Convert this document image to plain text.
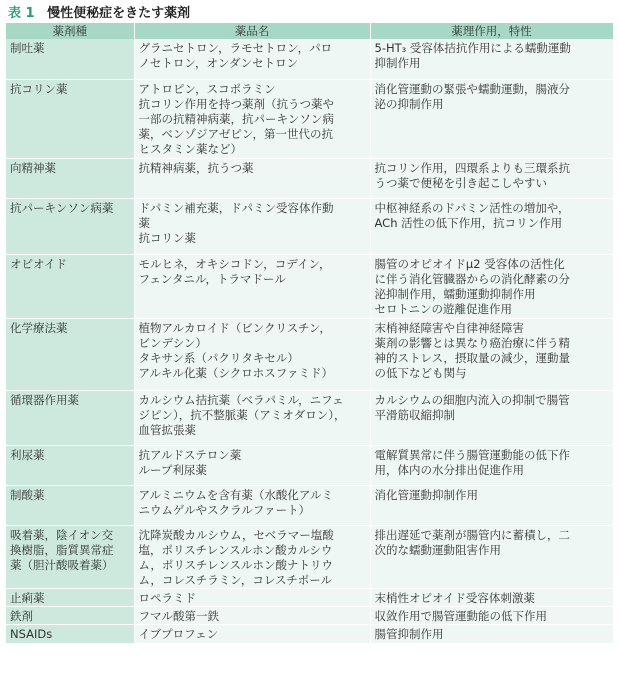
表 1 慢性便秘症をきたす薬剤
薬剤種	薬品名	薬理作用，特性

制吐薬	グラニセトロン，ラモセトロン，パロ
ノセトロン，オンダンセトロン	5-HT₃ 受容体拮抗作用による蠕動運動
抑制作用

抗コリン薬	アトロピン，スコポラミン
抗コリン作用を持つ薬剤（抗うつ薬や
一部の抗精神病薬，抗パーキンソン病
薬，ベンゾジアゼピン，第一世代の抗
ヒスタミン薬など）	消化管運動の緊張や蠕動運動，腸液分
泌の抑制作用

向精神薬	抗精神病薬，抗うつ薬	抗コリン作用，四環系よりも三環系抗
うつ薬で便秘を引き起こしやすい

抗パーキンソン病薬	ドパミン補充薬，ドパミン受容体作動
薬
抗コリン薬	中枢神経系のドパミン活性の増加や，
ACh 活性の低下作用，抗コリン作用

オピオイド	モルヒネ，オキシコドン，コデイン，
フェンタニル，トラマドール	腸管のオピオイドμ2 受容体の活性化
に伴う消化管臓器からの消化酵素の分
泌抑制作用，蠕動運動抑制作用
セロトニンの遊離促進作用

化学療法薬	植物アルカロイド（ビンクリスチン，
ビンデシン）
タキサン系（パクリタキセル）
アルキル化薬（シクロホスファミド）	末梢神経障害や自律神経障害
薬剤の影響とは異なり癌治療に伴う精
神的ストレス，摂取量の減少，運動量
の低下なども関与

循環器作用薬	カルシウム拮抗薬（ベラパミル，ニフェ
ジピン），抗不整脈薬（アミオダロン），
血管拡張薬	カルシウムの細胞内流入の抑制で腸管
平滑筋収縮抑制

利尿薬	抗アルドステロン薬
ループ利尿薬	電解質異常に伴う腸管運動能の低下作
用，体内の水分排出促進作用

制酸薬	アルミニウムを含有薬（水酸化アルミ
ニウムゲルやスクラルファート）	消化管運動抑制作用

吸着薬，陰イオン交
換樹脂，脂質異常症
薬（胆汁酸吸着薬）	沈降炭酸カルシウム，セベラマー塩酸
塩，ポリスチレンスルホン酸カルシウ
ム，ポリスチレンスルホン酸ナトリウ
ム，コレスチラミン，コレスチポール	排出遅延で薬剤が腸管内に蓄積し，二
次的な蠕動運動阻害作用

止痢薬	ロペラミド	末梢性オピオイド受容体刺激薬

鉄剤	フマル酸第一鉄	収敛作用で腸管運動能の低下作用

NSAIDs	イブプロフェン	腸管抑制作用
